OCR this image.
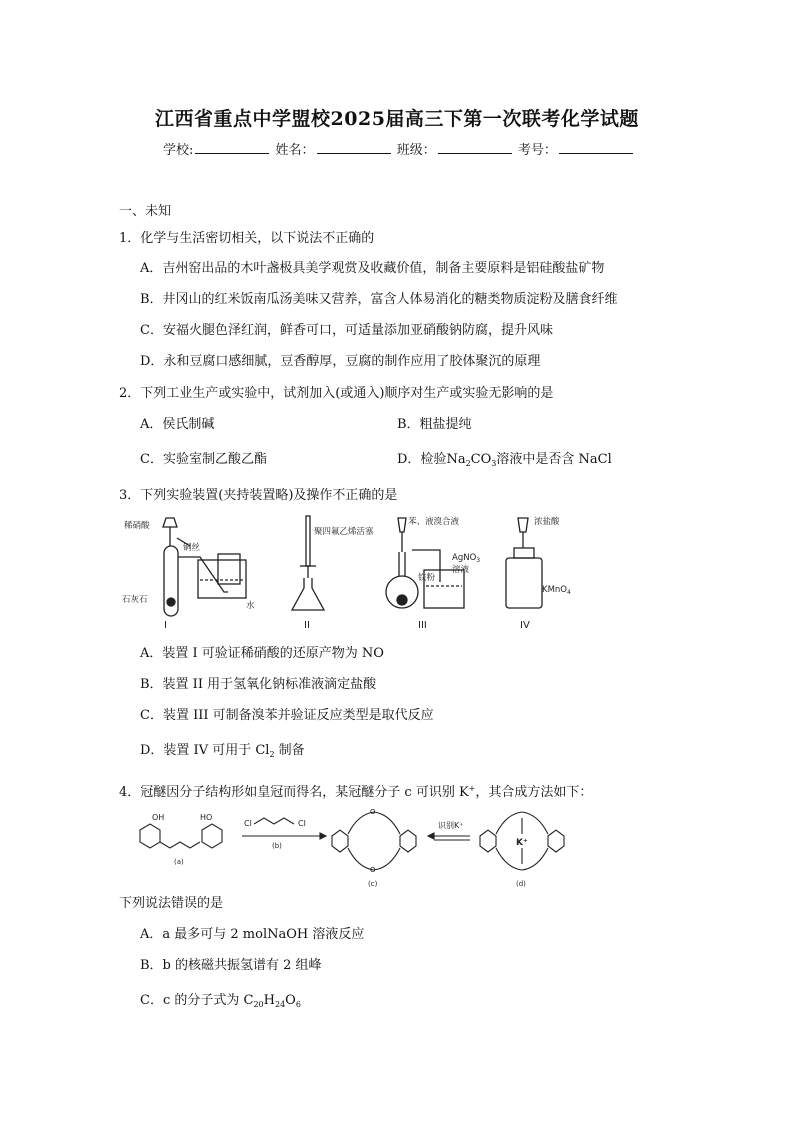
江西省重点中学盟校2025届高三下第一次联考化学试题
学校:	姓名：	班级：	考号：
一、未知
1．化学与生活密切相关，以下说法不正确的
A．吉州窑出品的木叶盏极具美学观赏及收藏价值，制备主要原料是铝硅酸盐矿物
B．井冈山的红米饭南瓜汤美味又营养，富含人体易消化的糖类物质淀粉及膳食纤维
C．安福火腿色泽红润，鲜香可口，可适量添加亚硝酸钠防腐，提升风味
D．永和豆腐口感细腻，豆香醇厚，豆腐的制作应用了胶体聚沉的原理
2．下列工业生产或实验中，试剂加入(或通入)顺序对生产或实验无影响的是
A．侯氏制碱	B．粗盐提纯
C．实验室制乙酸乙酯	D．检验$Na_2CO_3$溶液中是否含 NaCl
3．下列实验装置(夹持装置略)及操作不正确的是
稀硝酸
铜丝
石灰石
水
I
聚四氟乙烯活塞
II
苯、液溴合液
铁粉
AgNO$_3$
溶液
III
浓盐酸
KMnO$_4$
IV
A．装置 I 可验证稀硝酸的还原产物为 NO
B．装置 II 用于氢氧化钠标准液滴定盐酸
C．装置 III 可制备溴苯并验证反应类型是取代反应
D．装置 IV 可用于 $Cl_2$ 制备
4．冠醚因分子结构形如皇冠而得名，某冠醚分子 c 可识别 K+，其合成方法如下：
OH	HO
(a)
Cl	Cl
(b)
O
O
(c)
识别K⁺
K⁺
(d)
下列说法错误的是
A．a 最多可与 2 molNaOH 溶液反应
B．b 的核磁共振氢谱有 2 组峰
C．c 的分子式为 $C_{20}H_{24}O_6$
